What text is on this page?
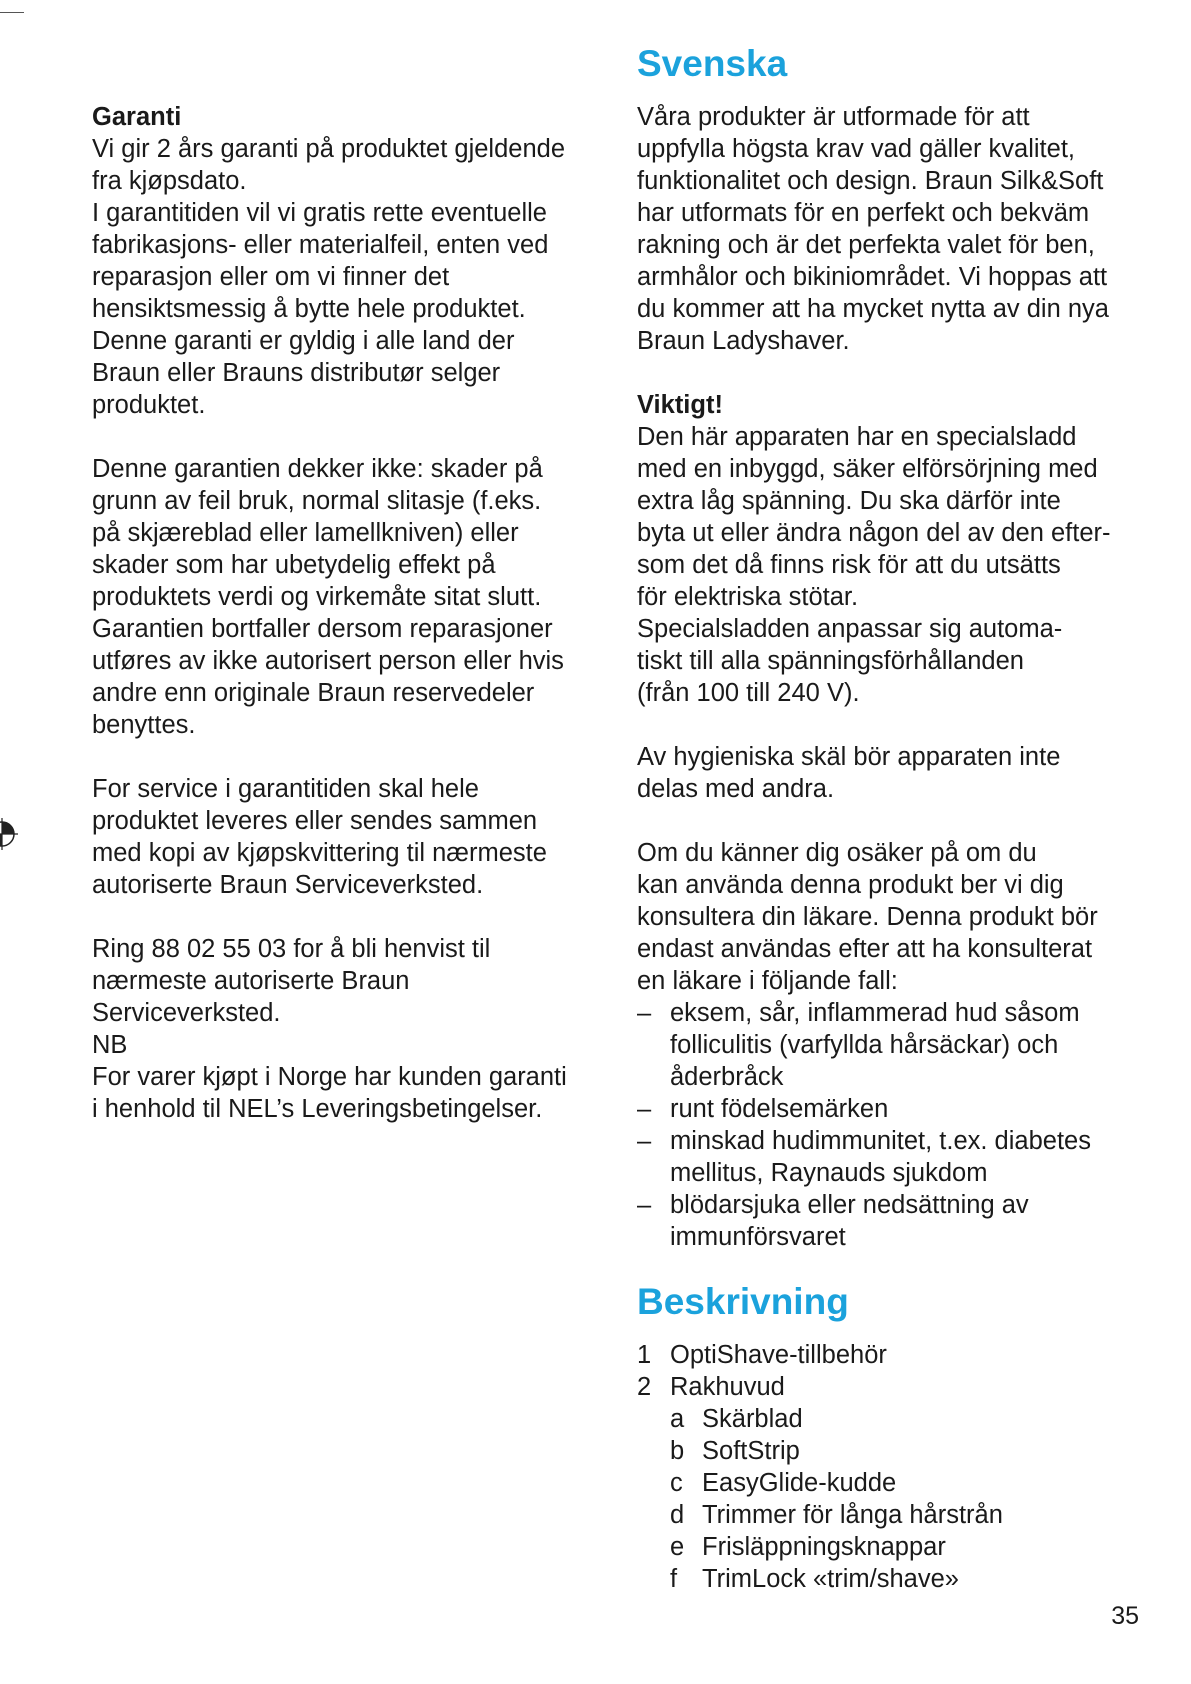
Garanti
Vi gir 2 års garanti på produktet gjeldende
fra kjøpsdato.
I garantitiden vil vi gratis rette eventuelle
fabrikasjons- eller materialfeil, enten ved
reparasjon eller om vi finner det
hensiktsmessig å bytte hele produktet.
Denne garanti er gyldig i alle land der
Braun eller Brauns distributør selger
produktet.
Denne garantien dekker ikke: skader på
grunn av feil bruk, normal slitasje (f.eks.
på skjæreblad eller lamellkniven) eller
skader som har ubetydelig effekt på
produktets verdi og virkemåte sitat slutt.
Garantien bortfaller dersom reparasjoner
utføres av ikke autorisert person eller hvis
andre enn originale Braun reservedeler
benyttes.
For service i garantitiden skal hele
produktet leveres eller sendes sammen
med kopi av kjøpskvittering til nærmeste
autoriserte Braun Serviceverksted.
Ring 88 02 55 03 for å bli henvist til
nærmeste autoriserte Braun
Serviceverksted.
NB
For varer kjøpt i Norge har kunden garanti
i henhold til NEL’s Leveringsbetingelser.
Svenska
Våra produkter är utformade för att
uppfylla högsta krav vad gäller kvalitet,
funktionalitet och design. Braun Silk&Soft
har utformats för en perfekt och bekväm
rakning och är det perfekta valet för ben,
armhålor och bikiniområdet. Vi hoppas att
du kommer att ha mycket nytta av din nya
Braun Ladyshaver.
Viktigt!
Den här apparaten har en specialsladd
med en inbyggd, säker elförsörjning med
extra låg spänning. Du ska därför inte
byta ut eller ändra någon del av den efter-
som det då finns risk för att du utsätts
för elektriska stötar.
Specialsladden anpassar sig automa-
tiskt till alla spänningsförhållanden
(från 100 till 240 V).
Av hygieniska skäl bör apparaten inte
delas med andra.
Om du känner dig osäker på om du
kan använda denna produkt ber vi dig
konsultera din läkare. Denna produkt bör
endast användas efter att ha konsulterat
en läkare i följande fall:
– eksem, sår, inflammerad hud såsom
folliculitis (varfyllda hårsäckar) och
åderbråck
– runt födelsemärken
– minskad hudimmunitet, t.ex. diabetes
mellitus, Raynauds sjukdom
– blödarsjuka eller nedsättning av
immunförsvaret
Beskrivning
1 OptiShave-tillbehör
2 Rakhuvud
a Skärblad
b SoftStrip
c EasyGlide-kudde
d Trimmer för långa hårstrån
e Frisläppningsknappar
f TrimLock «trim/shave»
35
